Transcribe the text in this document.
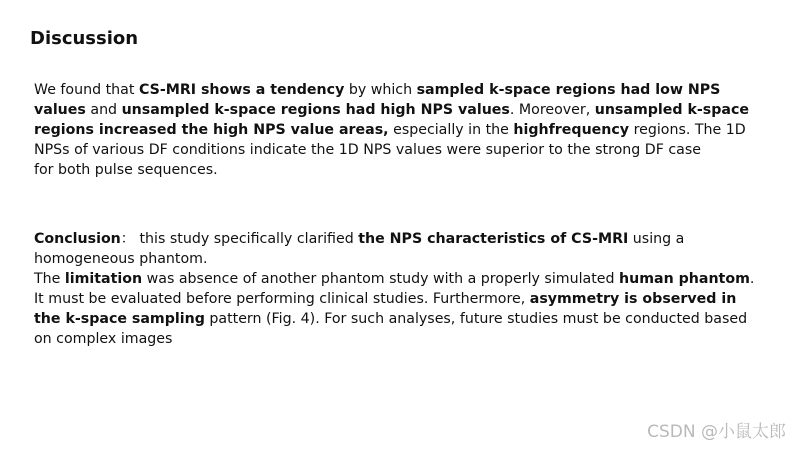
Discussion
We found that CS-MRI shows a tendency by which sampled k-space regions had low NPS
values and unsampled k-space regions had high NPS values. Moreover, unsampled k-space
regions increased the high NPS value areas, especially in the highfrequency regions. The 1D
NPSs of various DF conditions indicate the 1D NPS values were superior to the strong DF case
for both pulse sequences.
Conclusion： this study specifically clarified the NPS characteristics of CS-MRI using a
homogeneous phantom.
The limitation was absence of another phantom study with a properly simulated human phantom.
It must be evaluated before performing clinical studies. Furthermore, asymmetry is observed in
the k-space sampling pattern (Fig. 4). For such analyses, future studies must be conducted based
on complex images
CSDN @小鼠太郎
